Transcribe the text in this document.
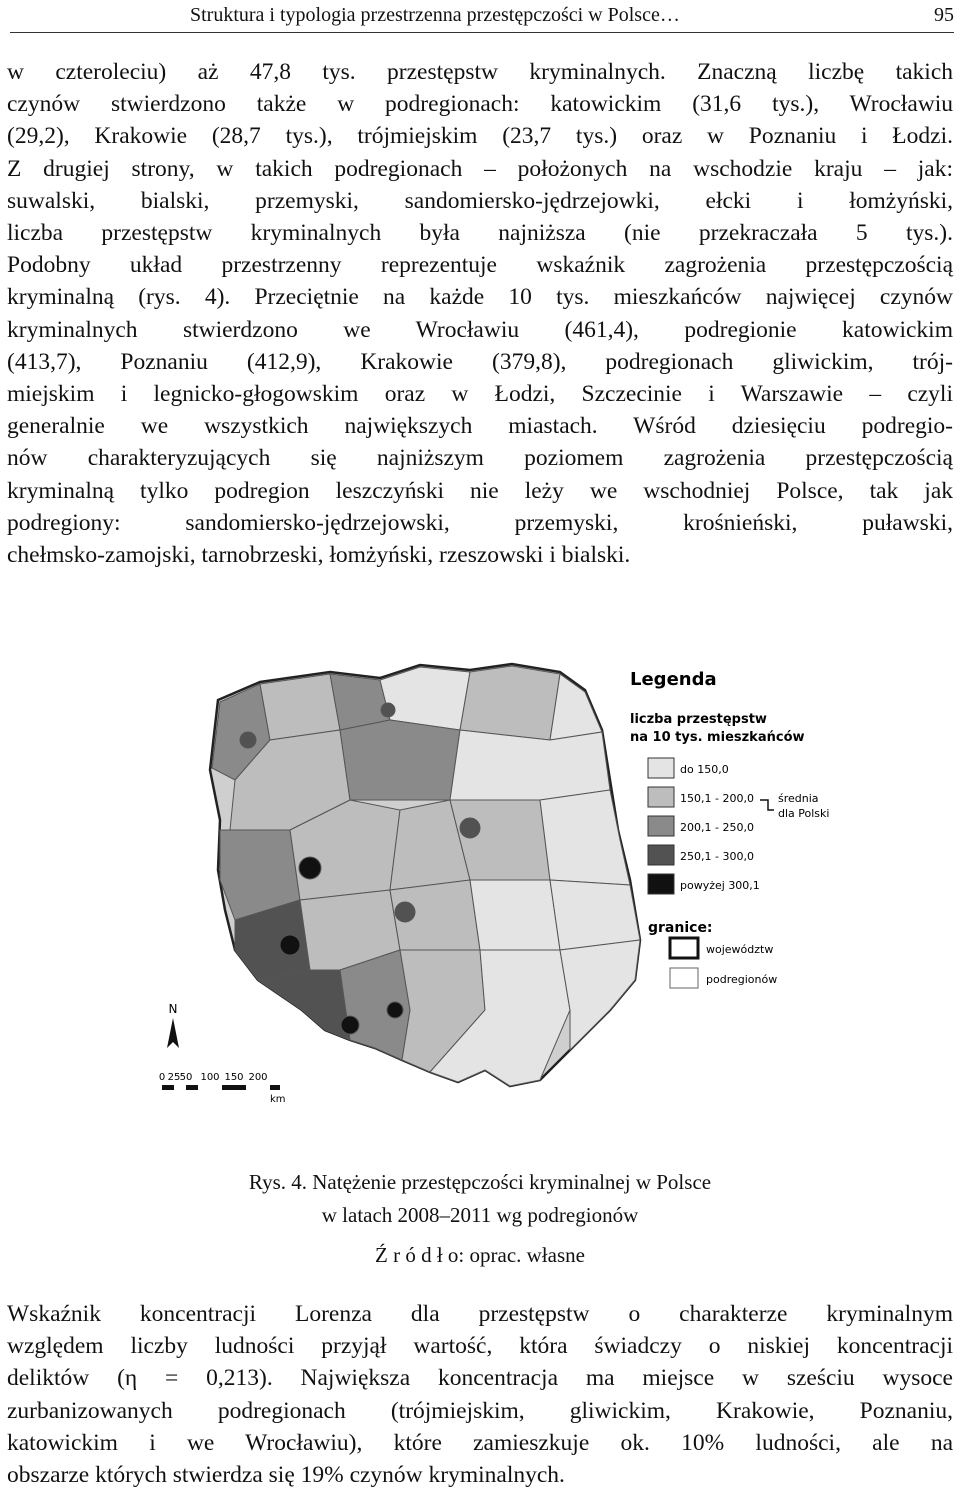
Struktura i typologia przestrzenna przestępczości w Polsce…	95
w czteroleciu) aż 47,8 tys. przestępstw kryminalnych. Znaczną liczbę takich
czynów stwierdzono także w podregionach: katowickim (31,6 tys.), Wrocławiu
(29,2), Krakowie (28,7 tys.), trójmiejskim (23,7 tys.) oraz w Poznaniu i Łodzi.
Z drugiej strony, w takich podregionach – położonych na wschodzie kraju – jak:
suwalski, bialski, przemyski, sandomiersko-jędrzejowki, ełcki i łomżyński,
liczba przestępstw kryminalnych była najniższa (nie przekraczała 5 tys.).
Podobny układ przestrzenny reprezentuje wskaźnik zagrożenia przestępczością
kryminalną (rys. 4). Przeciętnie na każde 10 tys. mieszkańców najwięcej czynów
kryminalnych stwierdzono we Wrocławiu (461,4), podregionie katowickim
(413,7), Poznaniu (412,9), Krakowie (379,8), podregionach gliwickim, trój-
miejskim i legnicko-głogowskim oraz w Łodzi, Szczecinie i Warszawie – czyli
generalnie we wszystkich największych miastach. Wśród dziesięciu podregio-
nów charakteryzujących się najniższym poziomem zagrożenia przestępczością
kryminalną tylko podregion leszczyński nie leży we wschodniej Polsce, tak jak
podregiony: sandomiersko-jędrzejowski, przemyski, krośnieński, puławski,
chełmsko-zamojski, tarnobrzeski, łomżyński, rzeszowski i bialski.
N
0 25 50 100 150 200
km
Legenda
liczba przestępstw
na 10 tys. mieszkańców
do 150,0
150,1 - 200,0
200,1 - 250,0
250,1 - 300,0
powyżej 300,1
średnia
dla Polski
granice:
województw
podregionów
Rys. 4. Natężenie przestępczości kryminalnej w Polsce
w latach 2008–2011 wg podregionów
Ź r ó d ł o: oprac. własne
Wskaźnik koncentracji Lorenza dla przestępstw o charakterze kryminalnym
względem liczby ludności przyjął wartość, która świadczy o niskiej koncentracji
deliktów (η = 0,213). Największa koncentracja ma miejsce w sześciu wysoce
zurbanizowanych podregionach (trójmiejskim, gliwickim, Krakowie, Poznaniu,
katowickim i we Wrocławiu), które zamieszkuje ok. 10% ludności, ale na
obszarze których stwierdza się 19% czynów kryminalnych.
